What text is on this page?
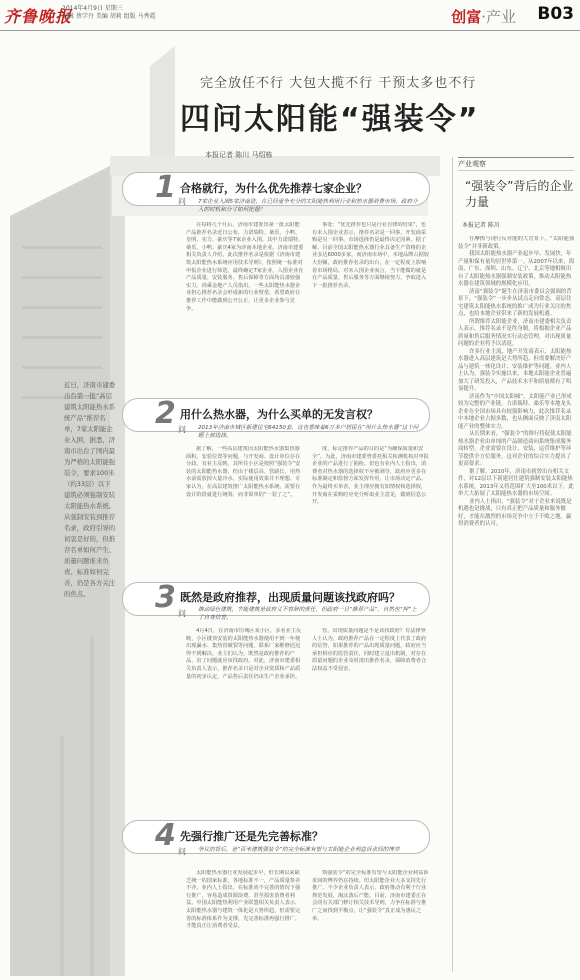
齐鲁晚报
2014年4月9日 星期三
编辑 蔡学丹 美编 胡莉 组版 马秀霞	创富·产业 B03
完全放任不行 大包大揽不行 干预太多也不行
四问太阳能“强装令”
本报记者 陈川 马绍栋
1 问
合格就行，为什么优先推荐七家企业？
7家企业入围5家济南造，在已经更争充分的太阳能热利用行业和热水器消费市场，政府介入的时机和分寸如何把握？
在每将几个月后，济南市建委出第一批太阳能产品推荐名录近日公布，力诺瑞特、桑乐、小鸭、皇明、实力、豪庆等7家企业入围。其中力诺瑞特、桑乐、小鸭、豪庆4家为济南本地企业。济南市建委相关负责人介绍，此次推荐名录是依据《济南市建筑太阳能热水系统应用技术导则》，按照统一标准对申报企业进行筛选，最终确定7家企业，入围企业在产品质量、安装服务、售后保障等方面均具备较强实力。尚乘金地产人员指出，一些太阳能热水器企业担心推荐名录会形成新的行业壁垒，希望政府在推荐工作中能做到公开公正，让更多企业参与竞争。
事处：“优先推荐也只是行业自律的结果”，也有未入围企业表示，推荐名录是一回事，开发商采购是另一回事，市场选择仍是最终决定因素。据了解，目前全国太阳能热水器行业具备生产资格的企业多达6000多家，而济南市场中，本地品牌占据较大份额，政府推荐名录的出台，在一定程度上影响着市场格局。对未入围企业而言，当下能做的就是在产品质量、售后服务等方面继续努力，争取进入下一批推荐名录。
2 问
用什么热水器，为什么买单的无发言权？
2013年济南市城区新建住宅64150套，这也意味着6万多户居民在“用什么热水器”这个问题上被选择。
据了解，一些高层建筑因太阳能热水器集热器面积、安装位置等问题，与开发商、设计单位存在分歧。有业主反映，其所住小区是按照“强装令”安装的太阳能热水器，但由于楼层高、管路长，用热水前需放掉大量冷水，实际使用效果并不理想。专家认为，在高层建筑推广太阳能热水系统，需要在设计阶段就进行统筹，而非简单的“一装了之”。
度，标定推荐产品的目的是“为确保质量和安全”。为此，济南市建委曾委托相关检测机构对申报企业的产品进行了抽检。但也有业内人士指出，消费者对热水器的选择权不应被剥夺，政府应更多在标准制定和监督方面发挥作用，让市场决定产品。作为最终买单者，业主理应拥有知情权和选择权，开发商在采购时应充分听取业主意见，做到信息公开。
3 问
既然是政府推荐，出现质量问题该找政府吗？
推动绿色建筑，节能建筑是政府义不容辞的责任，但政府一旦“推荐产品”，自然也“押”上了自身信誉。
4月4日，在济南市历城区某小区，多名业主反映，小区楼顶安装的太阳能热水器使用不到一年便出现漏水、集热管破裂等问题，联系厂家维修迟迟得不到解决。业主们认为，既然是政府推荐的产品，出了问题就应该找政府。对此，济南市建委相关负责人表示，推荐名录只是对企业资质和产品质量的初步认定，产品售后责任仍由生产企业承担。
管，出现质量问题是不是该找政府？有法律界人士认为，政府推荐产品在一定程度上代表了政府的信誉，如果推荐的产品出现质量问题，政府应当承担相应的监管责任，同时建立退出机制，对存在质量问题的企业及时清出推荐名录，保障消费者合法权益不受侵害。
4 问
先强行推广还是先完善标准？
争议的背后，是“百米建筑强装令”的完全标准有望与太阳能企业利益诉求间的博弈
太阳能热水器行业发展起步早，但长期以来缺乏统一的国家标准，各地标准不一，产品质量参差不齐。业内人士指出，在标准尚不完善的情况下强行推广，容易造成资源浪费，甚至损害消费者利益。中国太阳能热利用产业联盟相关负责人表示，太阳能热水器与建筑一体化是大势所趋，但需要完善的标准体系作为支撑，先完善标准再强行推广，才能真正让消费者受益。
筑强装令”的完全标准有望与太阳能企业利益诉求间的博弈仍在持续。但太阳能企业大多支持先行推广。不少企业负责人表示，政府推动有利于行业规范发展，淘汰落后产能。目前，济南市建委正在会同有关部门修订相关技术导则，力争在标准与推广之间找到平衡点，让“强装令”真正成为惠民之举。
近日，济南市建委出台第一批“高层建筑太阳能热水系统产品”推荐名单，7家太阳能企业入围，据悉，济南市出台了国内最为严格的太阳能强装令，要求100米（约33层）以下建筑必须强制安装太阳能热水系统。从强制安装到推荐名录，政府引导的初衷是好的，但推荐名单如何产生、质量问题谁来负责、标准如何完善，仍是各方关注的焦点。
产业观察
“强装令”背后的企业力量
本报记者 陈川

在摩擦与现行反对能的大背景下，“太阳能强装令”并非新政策。

我国太阳能热水器产业起步早、发展快，年产量和保有量均居世界第一。从2007年以来，海南、广东、深圳、山东、辽宁、北京等地相继出台了太阳能热水器强制安装政策，推动太阳能热水器在建筑领域的规模化应用。

济南“强装令”诞生在济南市委员会强调的背景下，“强装令”一步步从试点走向常态，高层住宅建筑太阳能热水系统的推广成为行业关注的焦点，也给本地企业带来了新的发展机遇。

所谓推荐太阳能企业，济南市建委相关负责人表示，推荐名录不是终身制，将根据企业产品质量和售后服务情况实行动态管理，对出现质量问题的企业将予以清退。

许多行业主流、地产开发商表示，太阳能热水器进入高层建筑是大势所趋，但需要解决好产品与建筑一体化设计、安装维护等问题。业内人士认为，强装令实施以来，本地太阳能企业普遍加大了研发投入，产品技术水平和质量都有了明显提升。

济南作为“中国太阳城”，太阳能产业已形成较为完整的产业链。力诺瑞特、桑乐等本地龙头企业在全国市场具有较强影响力，此次推荐名录中本地企业占据多数，也从侧面反映了济南太阳能产业的整体实力。

从长期来看，“强装令”的推行将促使太阳能热水器企业由单纯的产品制造商向系统集成服务商转型，企业需要在设计、安装、运营维护等环节提供全方位服务，这对企业的综合实力提出了更高要求。

据了解，2010年，济南市就曾出台相关文件，对12层以下新建居住建筑强制安装太阳能热水系统，2013年又将范围扩大至100米以下，此举大大拓展了太阳能热水器的市场空间。

业内人士指出，“强装令”对于企业来说既是机遇也是挑战，只有真正把产品质量和服务做好，才能在激烈的市场竞争中立于不败之地，赢得消费者的认可。
